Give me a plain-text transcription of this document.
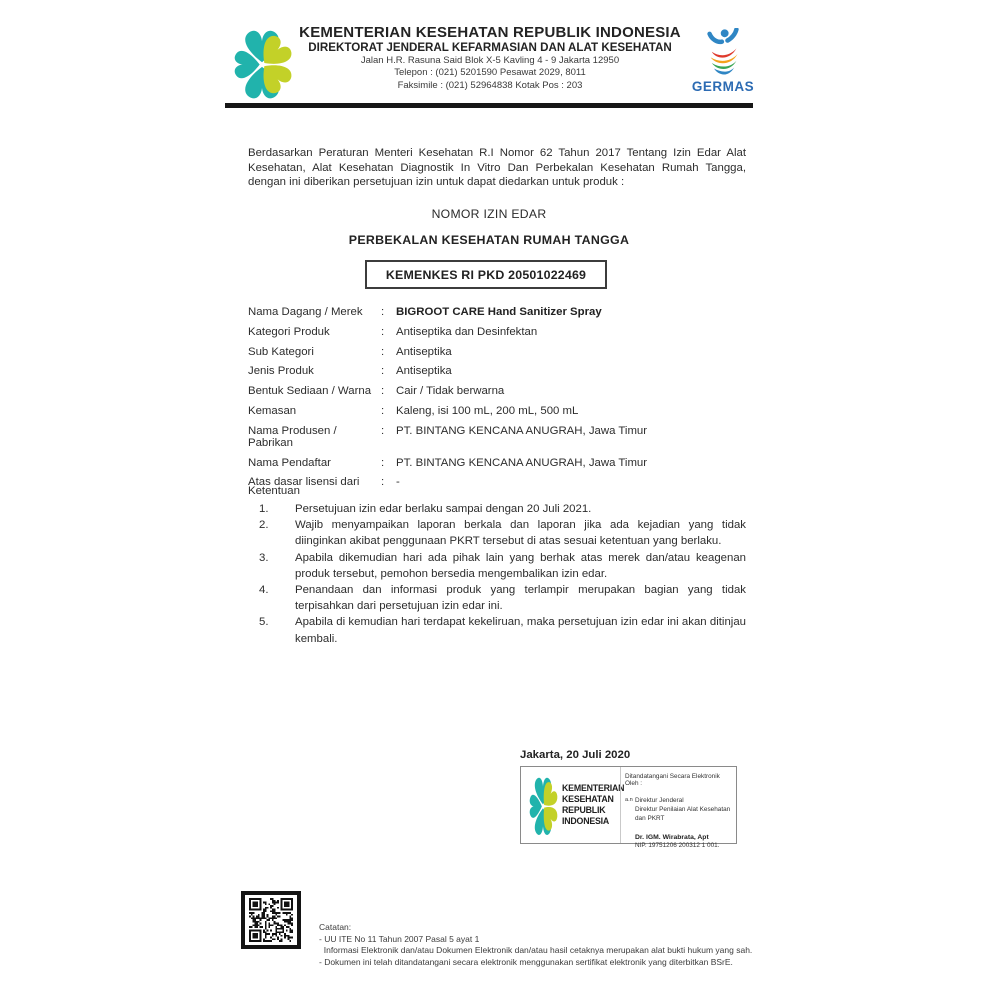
KEMENTERIAN KESEHATAN REPUBLIK INDONESIA
DIREKTORAT JENDERAL KEFARMASIAN DAN ALAT KESEHATAN
Jalan H.R. Rasuna Said Blok X-5 Kavling 4 - 9 Jakarta 12950
Telepon : (021) 5201590 Pesawat 2029, 8011
Faksimile : (021) 52964838 Kotak Pos : 203	GERMAS
Berdasarkan Peraturan Menteri Kesehatan R.I Nomor 62 Tahun 2017 Tentang Izin Edar Alat Kesehatan, Alat Kesehatan Diagnostik In Vitro Dan Perbekalan Kesehatan Rumah Tangga, dengan ini diberikan persetujuan izin untuk dapat diedarkan untuk produk :
NOMOR IZIN EDAR
PERBEKALAN KESEHATAN RUMAH TANGGA
KEMENKES RI PKD 20501022469
Nama Dagang / Merek	:	BIGROOT CARE Hand Sanitizer Spray
Kategori Produk	:	Antiseptika dan Desinfektan
Sub Kategori	:	Antiseptika
Jenis Produk	:	Antiseptika
Bentuk Sediaan / Warna :	Cair / Tidak berwarna
Kemasan	:	Kaleng, isi 100 mL, 200 mL, 500 mL
Nama Produsen / Pabrikan
:	PT. BINTANG KENCANA ANUGRAH, Jawa Timur
Nama Pendaftar	:	PT. BINTANG KENCANA ANUGRAH, Jawa Timur
Atas dasar lisensi dari	:	-
Ketentuan
1.	Persetujuan izin edar berlaku sampai dengan 20 Juli 2021.
2.	Wajib menyampaikan laporan berkala dan laporan jika ada kejadian yang tidak diinginkan akibat penggunaan PKRT tersebut di atas sesuai ketentuan yang berlaku.
3.	Apabila dikemudian hari ada pihak lain yang berhak atas merek dan/atau keagenan produk tersebut, pemohon bersedia mengembalikan izin edar.
4.	Penandaan dan informasi produk yang terlampir merupakan bagian yang tidak terpisahkan dari persetujuan izin edar ini.
5.	Apabila di kemudian hari terdapat kekeliruan, maka persetujuan izin edar ini akan ditinjau kembali.
Jakarta, 20 Juli 2020
KEMENTERIAN
KESEHATAN
REPUBLIK
INDONESIA
Ditandatangani Secara Elektronik Oleh :
a.n Direktur Jenderal
Direktur Penilaian Alat Kesehatan dan PKRT
Dr. IGM. Wirabrata, Apt
NIP. 19751206 200312 1 001.
Catatan:
- UU ITE No 11 Tahun 2007 Pasal 5 ayat 1
Informasi Elektronik dan/atau Dokumen Elektronik dan/atau hasil cetaknya merupakan alat bukti hukum yang sah.
- Dokumen ini telah ditandatangani secara elektronik menggunakan sertifikat elektronik yang diterbitkan BSrE.
